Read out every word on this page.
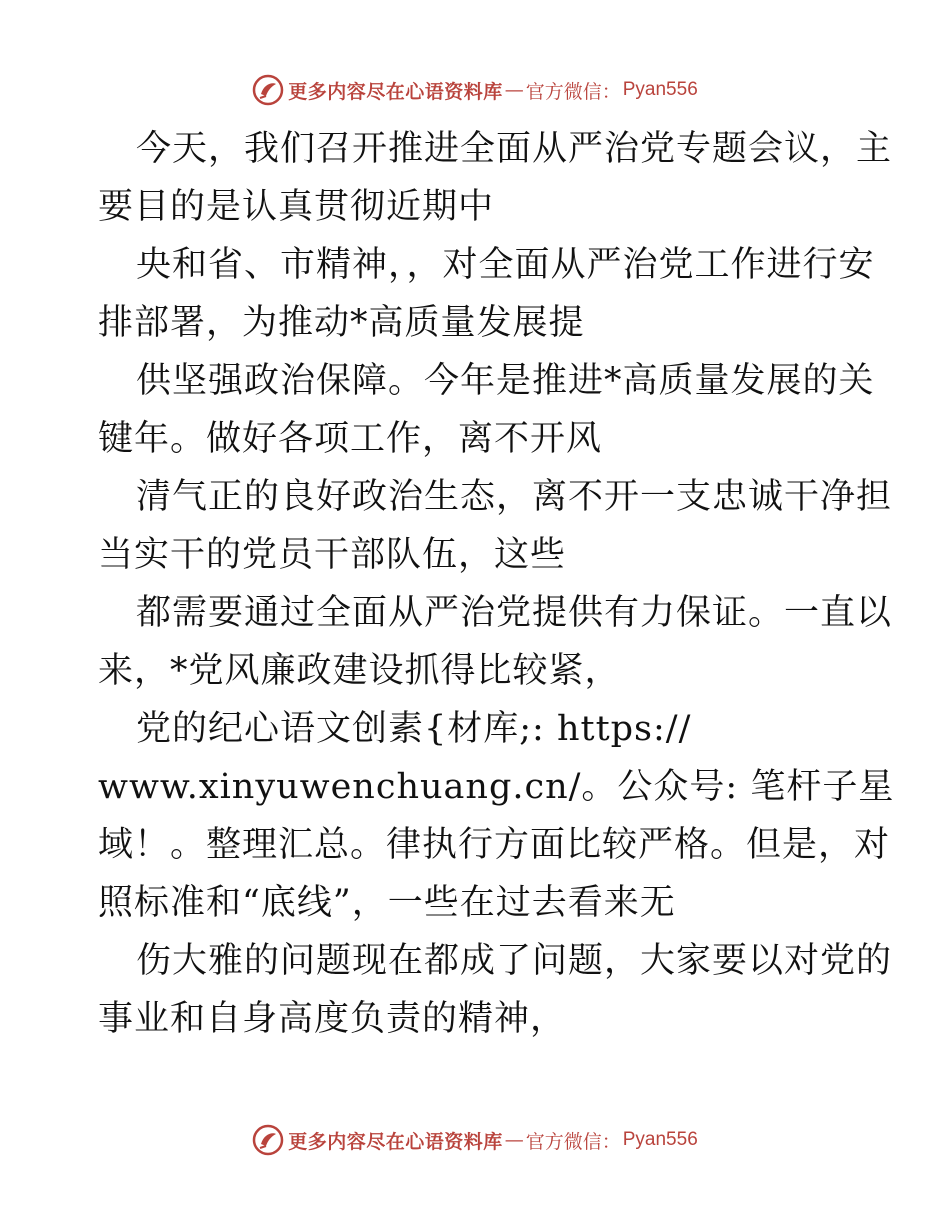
更多内容尽在心语资料库 — 官方微信： Pyan556
今天，我们召开推进全面从严治党专题会议，主
要目的是认真贯彻近期中
央和省、市精神，，对全面从严治党工作进行安
排部署，为推动*高质量发展提
供坚强政治保障。今年是推进*高质量发展的关
键年。做好各项工作，离不开风
清气正的良好政治生态，离不开一支忠诚干净担
当实干的党员干部队伍，这些
都需要通过全面从严治党提供有力保证。一直以
来，*党风廉政建设抓得比较紧，
党的纪心语文创素{材库;: https://
www.xinyuwenchuang.cn/。公众号: 笔杆子星
域！。整理汇总。律执行方面比较严格。但是，对
照标准和“底线”，一些在过去看来无
伤大雅的问题现在都成了问题，大家要以对党的
事业和自身高度负责的精神，
更多内容尽在心语资料库 — 官方微信： Pyan556
